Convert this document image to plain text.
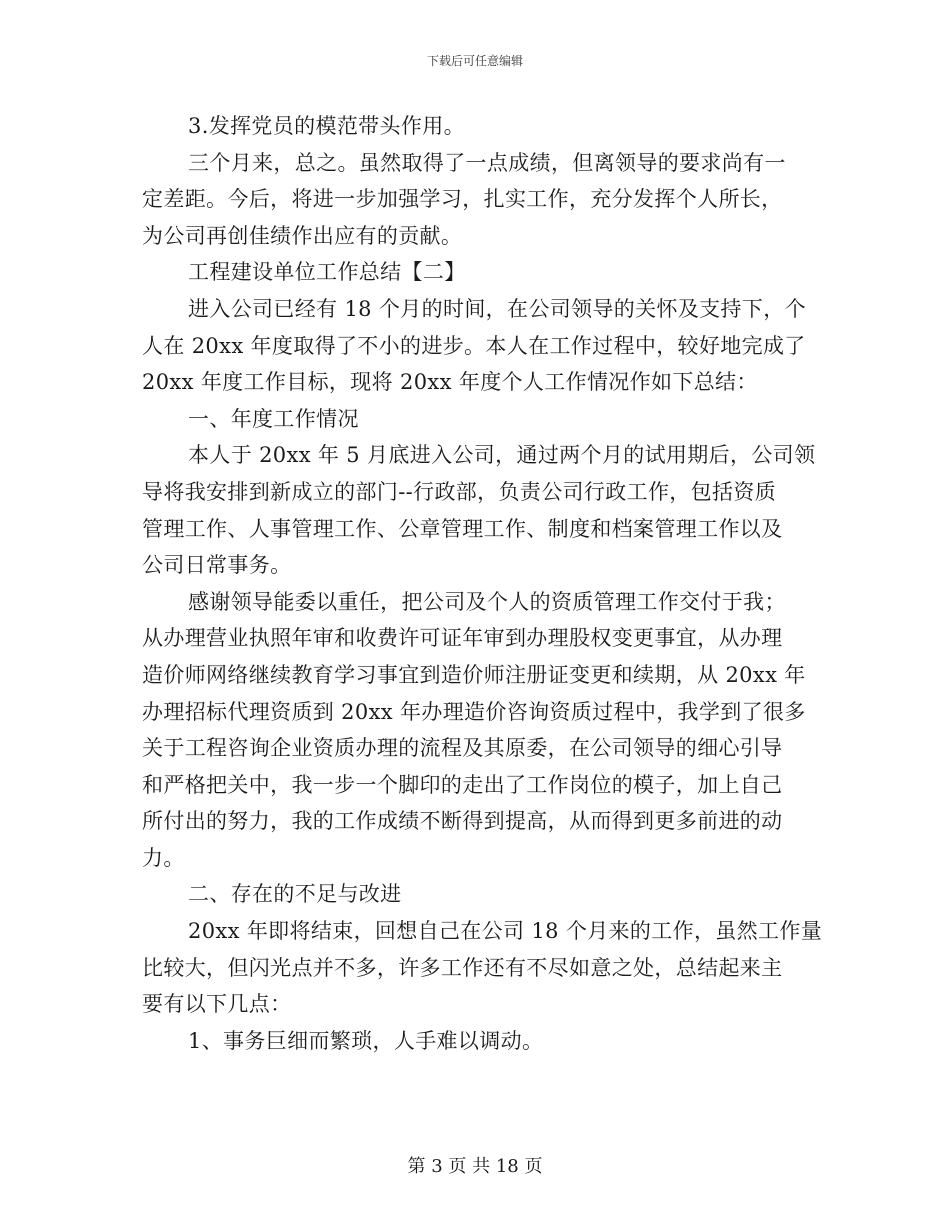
下载后可任意编辑
3.发挥党员的模范带头作用。
三个月来，总之。虽然取得了一点成绩，但离领导的要求尚有一
定差距。今后，将进一步加强学习，扎实工作，充分发挥个人所长，
为公司再创佳绩作出应有的贡献。
工程建设单位工作总结【二】
进入公司已经有 18 个月的时间，在公司领导的关怀及支持下，个
人在 20xx 年度取得了不小的进步。本人在工作过程中，较好地完成了
20xx 年度工作目标，现将 20xx 年度个人工作情况作如下总结：
一、年度工作情况
本人于 20xx 年 5 月底进入公司，通过两个月的试用期后，公司领
导将我安排到新成立的部门--行政部，负责公司行政工作，包括资质
管理工作、人事管理工作、公章管理工作、制度和档案管理工作以及
公司日常事务。
感谢领导能委以重任，把公司及个人的资质管理工作交付于我；
从办理营业执照年审和收费许可证年审到办理股权变更事宜，从办理
造价师网络继续教育学习事宜到造价师注册证变更和续期，从 20xx 年
办理招标代理资质到 20xx 年办理造价咨询资质过程中，我学到了很多
关于工程咨询企业资质办理的流程及其原委，在公司领导的细心引导
和严格把关中，我一步一个脚印的走出了工作岗位的模子，加上自己
所付出的努力，我的工作成绩不断得到提高，从而得到更多前进的动
力。
二、存在的不足与改进
20xx 年即将结束，回想自己在公司 18 个月来的工作，虽然工作量
比较大，但闪光点并不多，许多工作还有不尽如意之处，总结起来主
要有以下几点：
1、事务巨细而繁琐，人手难以调动。
第 3 页 共 18 页
